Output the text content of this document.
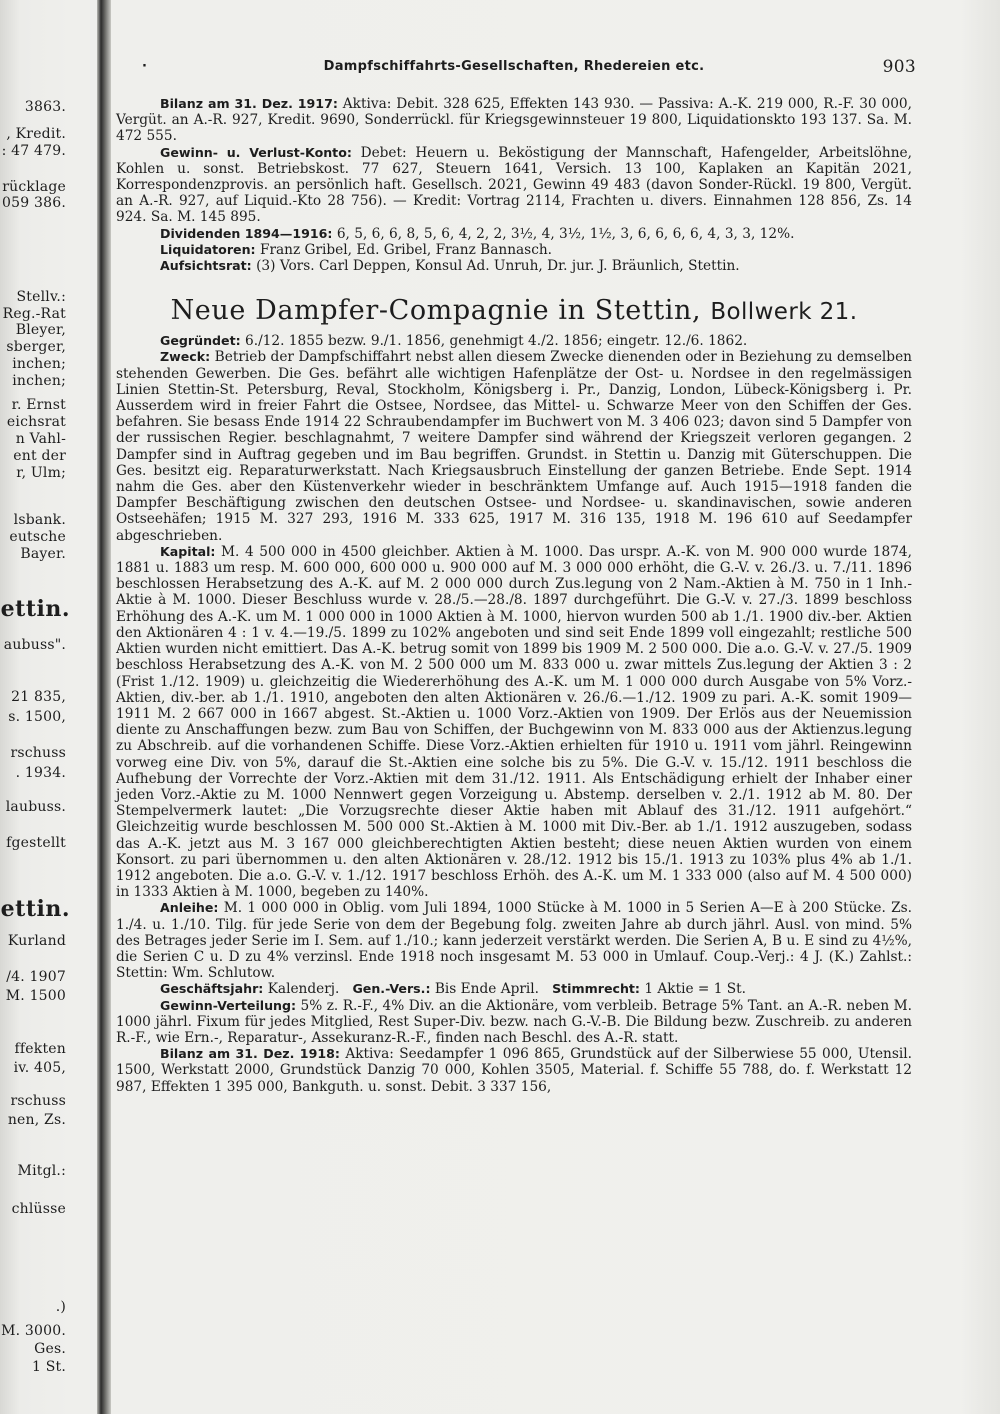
3863.
, Kredit.
: 47 479.
rücklage
059 386.
Stellv.:
Reg.-Rat
Bleyer,
sberger,
inchen;
inchen;
r. Ernst
eichsrat
n Vahl-
ent der
r, Ulm;
lsbank.
eutsche
Bayer.
ettin.
aubuss".
21 835,
s. 1500,
rschuss
. 1934.
laubuss.
fgestellt
ettin.
Kurland
/4. 1907
M. 1500
ffekten
iv. 405,
rschuss
nen, Zs.
Mitgl.:
chlüsse
.)
M. 3000.
Ges.
1 St.
·	Dampfschiffahrts-Gesellschaften, Rhedereien etc.	903

Bilanz am 31. Dez. 1917: Aktiva: Debit. 328 625, Effekten 143 930. — Passiva: A.-K. 219 000, R.-F. 30 000, Vergüt. an A.-R. 927, Kredit. 9690, Sonderrückl. für Kriegsgewinnsteuer 19 800, Liquidationskto 193 137. Sa. M. 472 555.

Gewinn- u. Verlust-Konto: Debet: Heuern u. Beköstigung der Mannschaft, Hafengelder, Arbeitslöhne, Kohlen u. sonst. Betriebskost. 77 627, Steuern 1641, Versich. 13 100, Kaplaken an Kapitän 2021, Korrespondenzprovis. an persönlich haft. Gesellsch. 2021, Gewinn 49 483 (davon Sonder-Rückl. 19 800, Vergüt. an A.-R. 927, auf Liquid.-Kto 28 756). — Kredit: Vortrag 2114, Frachten u. divers. Einnahmen 128 856, Zs. 14 924. Sa. M. 145 895.

Dividenden 1894—1916: 6, 5, 6, 6, 8, 5, 6, 4, 2, 2, 3½, 4, 3½, 1½, 3, 6, 6, 6, 6, 4, 3, 3, 12%.

Liquidatoren: Franz Gribel, Ed. Gribel, Franz Bannasch.

Aufsichtsrat: (3) Vors. Carl Deppen, Konsul Ad. Unruh, Dr. jur. J. Bräunlich, Stettin.

Neue Dampfer-Compagnie in Stettin, Bollwerk 21.

Gegründet: 6./12. 1855 bezw. 9./1. 1856, genehmigt 4./2. 1856; eingetr. 12./6. 1862.

Zweck: Betrieb der Dampfschiffahrt nebst allen diesem Zwecke dienenden oder in Beziehung zu demselben stehenden Gewerben. Die Ges. befährt alle wichtigen Hafenplätze der Ost- u. Nordsee in den regelmässigen Linien Stettin-St. Petersburg, Reval, Stockholm, Königsberg i. Pr., Danzig, London, Lübeck-Königsberg i. Pr. Ausserdem wird in freier Fahrt die Ostsee, Nordsee, das Mittel- u. Schwarze Meer von den Schiffen der Ges. befahren. Sie besass Ende 1914 22 Schraubendampfer im Buchwert von M. 3 406 023; davon sind 5 Dampfer von der russischen Regier. beschlagnahmt, 7 weitere Dampfer sind während der Kriegszeit verloren gegangen. 2 Dampfer sind in Auftrag gegeben und im Bau begriffen. Grundst. in Stettin u. Danzig mit Güterschuppen. Die Ges. besitzt eig. Reparaturwerkstatt. Nach Kriegsausbruch Einstellung der ganzen Betriebe. Ende Sept. 1914 nahm die Ges. aber den Küstenverkehr wieder in beschränktem Umfange auf. Auch 1915—1918 fanden die Dampfer Beschäftigung zwischen den deutschen Ostsee- und Nordsee- u. skandinavischen, sowie anderen Ostseehäfen; 1915 M. 327 293, 1916 M. 333 625, 1917 M. 316 135, 1918 M. 196 610 auf Seedampfer abgeschrieben.

Kapital: M. 4 500 000 in 4500 gleichber. Aktien à M. 1000. Das urspr. A.-K. von M. 900 000 wurde 1874, 1881 u. 1883 um resp. M. 600 000, 600 000 u. 900 000 auf M. 3 000 000 erhöht, die G.-V. v. 26./3. u. 7./11. 1896 beschlossen Herabsetzung des A.-K. auf M. 2 000 000 durch Zus.legung von 2 Nam.-Aktien à M. 750 in 1 Inh.-Aktie à M. 1000. Dieser Beschluss wurde v. 28./5.—28./8. 1897 durchgeführt. Die G.-V. v. 27./3. 1899 beschloss Erhöhung des A.-K. um M. 1 000 000 in 1000 Aktien à M. 1000, hiervon wurden 500 ab 1./1. 1900 div.-ber. Aktien den Aktionären 4 : 1 v. 4.—19./5. 1899 zu 102% angeboten und sind seit Ende 1899 voll eingezahlt; restliche 500 Aktien wurden nicht emittiert. Das A.-K. betrug somit von 1899 bis 1909 M. 2 500 000. Die a.o. G.-V. v. 27./5. 1909 beschloss Herabsetzung des A.-K. von M. 2 500 000 um M. 833 000 u. zwar mittels Zus.legung der Aktien 3 : 2 (Frist 1./12. 1909) u. gleichzeitig die Wiedererhöhung des A.-K. um M. 1 000 000 durch Ausgabe von 5% Vorz.-Aktien, div.-ber. ab 1./1. 1910, angeboten den alten Aktionären v. 26./6.—1./12. 1909 zu pari. A.-K. somit 1909—1911 M. 2 667 000 in 1667 abgest. St.-Aktien u. 1000 Vorz.-Aktien von 1909. Der Erlös aus der Neuemission diente zu Anschaffungen bezw. zum Bau von Schiffen, der Buchgewinn von M. 833 000 aus der Aktienzus.legung zu Abschreib. auf die vorhandenen Schiffe. Diese Vorz.-Aktien erhielten für 1910 u. 1911 vom jährl. Reingewinn vorweg eine Div. von 5%, darauf die St.-Aktien eine solche bis zu 5%. Die G.-V. v. 15./12. 1911 beschloss die Aufhebung der Vorrechte der Vorz.-Aktien mit dem 31./12. 1911. Als Entschädigung erhielt der Inhaber einer jeden Vorz.-Aktie zu M. 1000 Nennwert gegen Vorzeigung u. Abstemp. derselben v. 2./1. 1912 ab M. 80. Der Stempelvermerk lautet: „Die Vorzugsrechte dieser Aktie haben mit Ablauf des 31./12. 1911 aufgehört.“ Gleichzeitig wurde beschlossen M. 500 000 St.-Aktien à M. 1000 mit Div.-Ber. ab 1./1. 1912 auszugeben, sodass das A.-K. jetzt aus M. 3 167 000 gleichberechtigten Aktien besteht; diese neuen Aktien wurden von einem Konsort. zu pari übernommen u. den alten Aktionären v. 28./12. 1912 bis 15./1. 1913 zu 103% plus 4% ab 1./1. 1912 angeboten. Die a.o. G.-V. v. 1./12. 1917 beschloss Erhöh. des A.-K. um M. 1 333 000 (also auf M. 4 500 000) in 1333 Aktien à M. 1000, begeben zu 140%.

Anleihe: M. 1 000 000 in Oblig. vom Juli 1894, 1000 Stücke à M. 1000 in 5 Serien A—E à 200 Stücke. Zs. 1./4. u. 1./10. Tilg. für jede Serie von dem der Begebung folg. zweiten Jahre ab durch jährl. Ausl. von mind. 5% des Betrages jeder Serie im I. Sem. auf 1./10.; kann jederzeit verstärkt werden. Die Serien A, B u. E sind zu 4½%, die Serien C u. D zu 4% verzinsl. Ende 1918 noch insgesamt M. 53 000 in Umlauf. Coup.-Verj.: 4 J. (K.) Zahlst.: Stettin: Wm. Schlutow.

Geschäftsjahr: Kalenderj. Gen.-Vers.: Bis Ende April. Stimmrecht: 1 Aktie = 1 St.

Gewinn-Verteilung: 5% z. R.-F., 4% Div. an die Aktionäre, vom verbleib. Betrage 5% Tant. an A.-R. neben M. 1000 jährl. Fixum für jedes Mitglied, Rest Super-Div. bezw. nach G.-V.-B. Die Bildung bezw. Zuschreib. zu anderen R.-F., wie Ern.-, Reparatur-, Assekuranz-R.-F., finden nach Beschl. des A.-R. statt.

Bilanz am 31. Dez. 1918: Aktiva: Seedampfer 1 096 865, Grundstück auf der Silberwiese 55 000, Utensil. 1500, Werkstatt 2000, Grundstück Danzig 70 000, Kohlen 3505, Material. f. Schiffe 55 788, do. f. Werkstatt 12 987, Effekten 1 395 000, Bankguth. u. sonst. Debit. 3 337 156,
